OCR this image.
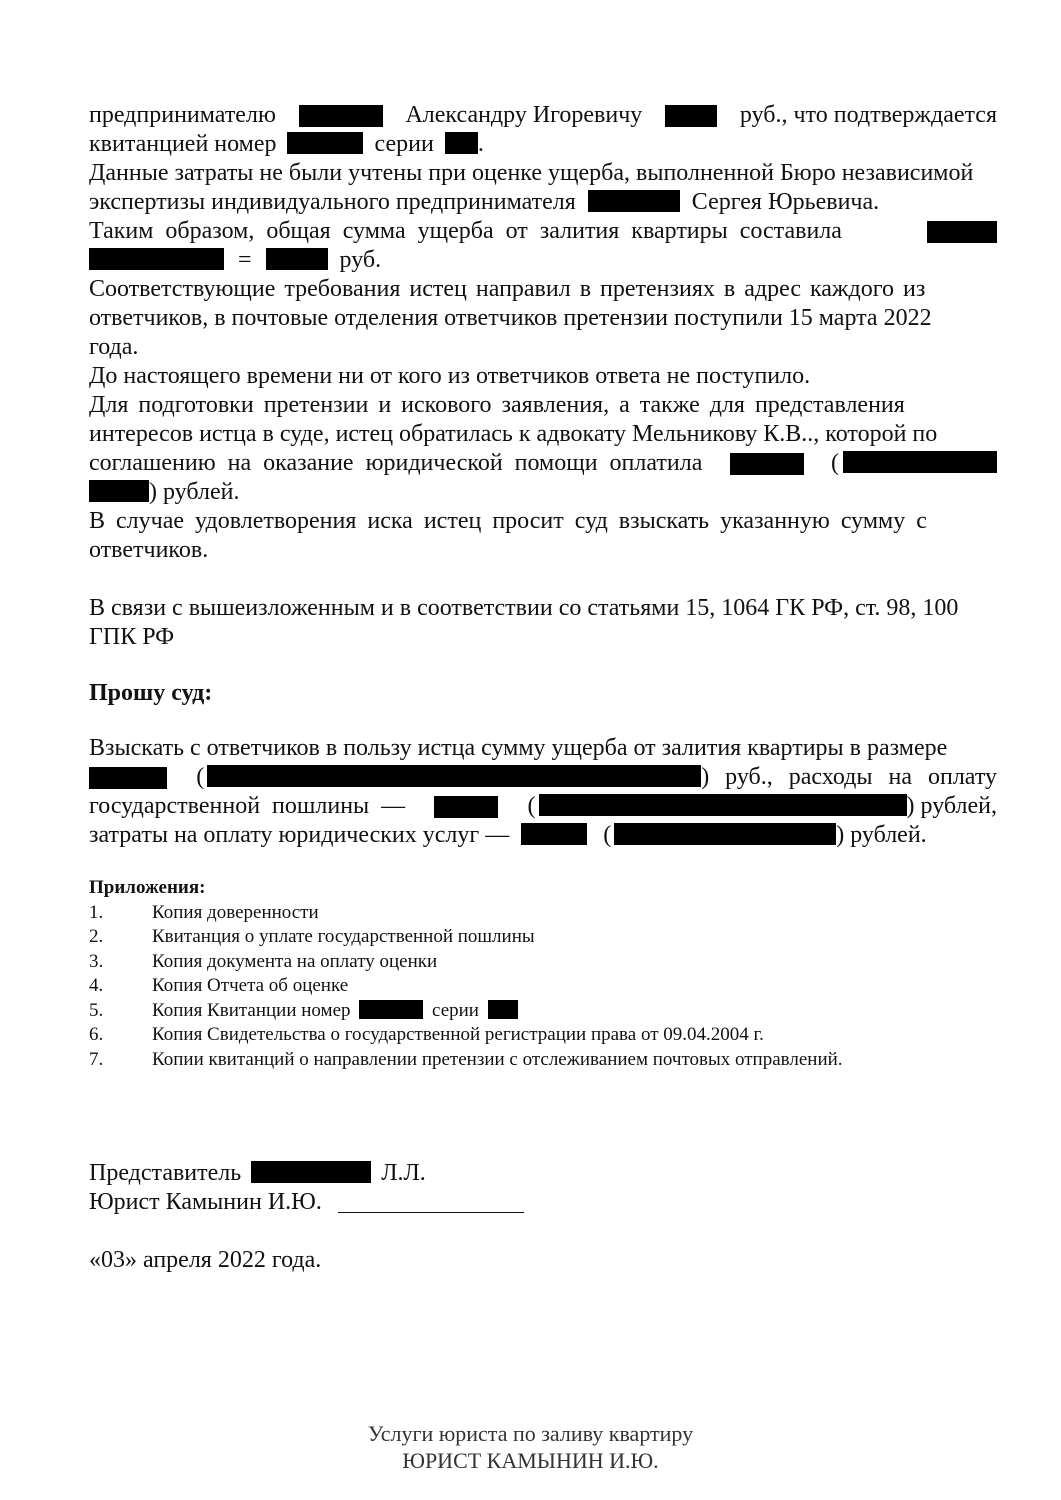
предпринимателю	Александру Игоревичу	руб., что подтверждается
квитанцией номер	серии .
Данные затраты не были учтены при оценке ущерба, выполненной Бюро независимой
экспертизы индивидуального предпринимателя	Сергея Юрьевича.
Таким образом, общая сумма ущерба от залития квартиры составила
=	руб.
Соответствующие требования истец направил в претензиях в адрес каждого из
ответчиков, в почтовые отделения ответчиков претензии поступили 15 марта 2022
года.
До настоящего времени ни от кого из ответчиков ответа не поступило.
Для подготовки претензии и искового заявления, а также для представления
интересов истца в суде, истец обратилась к адвокату Мельникову К.В.., которой по
соглашению на оказание юридической помощи оплатила	(
) рублей.
В случае удовлетворения иска истец просит суд взыскать указанную сумму с
ответчиков.
В связи с вышеизложенным и в соответствии со статьями 15, 1064 ГК РФ, ст. 98, 100
ГПК РФ
Прошу суд:
Взыскать с ответчиков в пользу истца сумму ущерба от залития квартиры в размере
(	) руб., расходы на оплату
государственной пошлины —	(	) рублей,
затраты на оплату юридических услуг —	(	) рублей.
Приложения:
1.	Копия доверенности
2.	Квитанция о уплате государственной пошлины
3.	Копия документа на оплату оценки
4.	Копия Отчета об оценке
5.	Копия Квитанции номер	серии
6.	Копия Свидетельства о государственной регистрации права от 09.04.2004 г.
7.	Копии квитанций о направлении претензии с отслеживанием почтовых отправлений.
Представитель	Л.Л.
Юрист Камынин И.Ю.
«03» апреля 2022 года.
Услуги юриста по заливу квартиру
ЮРИСТ КАМЫНИН И.Ю.
